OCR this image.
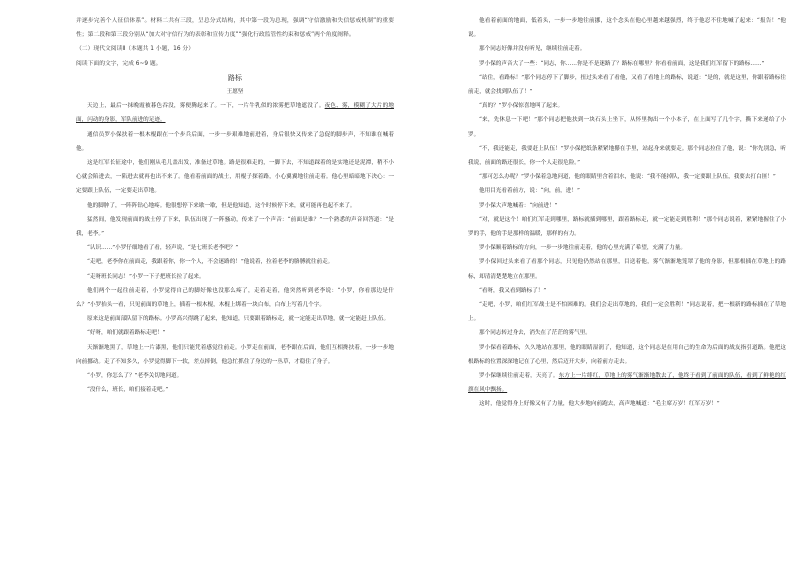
并逐步完善个人征信体系”。材料二共有三段，呈总分式结构，其中第一段为总现，强调“守信激励和失信惩戒机制”的重要性；第二段和第三段分别从“加大对守信行为的表彰和宣传力度”“强化行政监管性约束和惩戒”两个角度阐释。

（二）现代文阅读Ⅱ（本题共 1 小题，16 分）

阅读下面的文字，完成 6~9 题。

路标

王愿坚

天边上，最后一抹晚霞被暮色吞没，雾便腾起来了。一下，一片牛乳似的浓雾把草地遮没了。夜色、雾，模糊了大片的地面，闪动的身影，军队前进的足迹。

通信员罗小保扶着一根木棍跟在一个步兵后面，一步一步艰难地前进着，身后很快又传来了急促的脚步声，不知谁在喊着他。

这是红军长征途中，他们刚从毛儿盖出发，准备过草地。路是很难走的，一脚下去，不知道踩着的是实地还是泥潭，稍不小心就会陷进去，一陷进去就再也出不来了。他看着前面的战士，用棍子探着路，小心翼翼地往前走着。他心里暗暗地下决心：一定要跟上队伍，一定要走出草地。

他的脚肿了，一阵阵钻心地疼。他很想停下来歇一歇，但是他知道，这个时候停下来，就可能再也起不来了。

猛然间，他发现前面的战士停了下来，队伍出现了一阵骚动，传来了一个声音：“前面是谁？”一个熟悉的声音回答道：“是我，老李。”

“认识……”小罗仔细地看了看，轻声说，“是七班长老李吧？”

“走吧，老李你在前面走，我跟着你，你一个人，不会迷路的！”他说着，拉着老李的胳膊就往前走。

“走呀班长同志！”小罗一下子把班长拉了起来。

他们两个一起往前走着，小罗觉得自己的脚好像也没那么疼了，走着走着，他突然听到老李说：“小罗，你看那边是什么？”小罗抬头一看，只见前面的草地上，插着一根木棍，木棍上绑着一块白布，白布上写着几个字。

原来这是前面部队留下的路标。小罗高兴得跳了起来，他知道，只要跟着路标走，就一定能走出草地，就一定能赶上队伍。

“好呀，咱们就跟着路标走吧！”

天渐渐地黑了，草地上一片漆黑，他们只能凭着感觉往前走。小罗走在前面，老李跟在后面，他们互相搀扶着，一步一步地向前挪动。走了不知多久，小罗觉得脚下一软，差点摔倒，他急忙抓住了身边的一丛草，才稳住了身子。

“小罗，你怎么了？”老李关切地问道。

“没什么，班长，咱们接着走吧。”

他看着前面的地面，低着头，一步一步地往前挪，这个念头在他心里越来越强烈，终于他忍不住地喊了起来：“报告！”他说。

那个同志好像并没有听见，继续往前走着。

罗小保的声音大了一些：“同志，你……你是不是迷路了？路标在哪里？你看看前面，这是我们红军留下的路标……”

“站住，看路标！”那个同志停下了脚步，扭过头来看了看他，又看了看地上的路标，说道：“是的，就是这里，你跟着路标往前走，就会找到队伍了！”

“真的？”罗小保惊喜地叫了起来。

“来，先休息一下吧！”那个同志把他扶到一块石头上坐下，从怀里掏出一个小本子，在上面写了几个字，撕下来递给了小罗。

“不，我还能走，我要赶上队伍！”罗小保把纸条紧紧地攥在手里，站起身来就要走。那个同志拉住了他，说：“你先别急，听我说，前面的路还很长，你一个人走很危险。”

“那可怎么办呢？”罗小保着急地问道，他的眼睛里含着泪水，他说：“我不能掉队，我一定要跟上队伍，我要去打白匪！”

他用目光看着前方，说：“向，前，进！”

罗小保大声地喊着：“向前进！”

“对，就是这个！咱们红军走到哪里，路标就插到哪里，跟着路标走，就一定能走到胜利！”那个同志说着，紧紧地握住了小罗的手，他的手是那样的温暖，那样的有力。

罗小保顺着路标的方向，一步一步地往前走着，他的心里充满了希望，充满了力量。

罗小保回过头来看了看那个同志，只见他仍然站在那里，目送着他，雾气渐渐地笼罩了他的身影，但那根插在草地上的路标，却清清楚楚地立在那里。

“看呀，我又看到路标了！”

“走吧，小罗，咱们红军战士是不怕困难的。我们会走出草地的，我们一定会胜利！”同志说着，把一根新的路标插在了草地上。

那个同志转过身去，消失在了茫茫的雾气里。

罗小保看着路标，久久地站在那里，他的眼睛湿润了，他知道，这个同志是在用自己的生命为后面的战友指引道路。他把这根路标的位置深深地记在了心里，然后迈开大步，向着前方走去。

罗小保继续往前走着，天亮了。东方上一片绯红，草地上的雾气渐渐地散去了，他终于看到了前面的队伍，看到了鲜艳的红旗在风中飘扬。

这时，他觉得身上好像又有了力量，他大步地向前跑去，高声地喊道：“毛主席万岁！红军万岁！”
